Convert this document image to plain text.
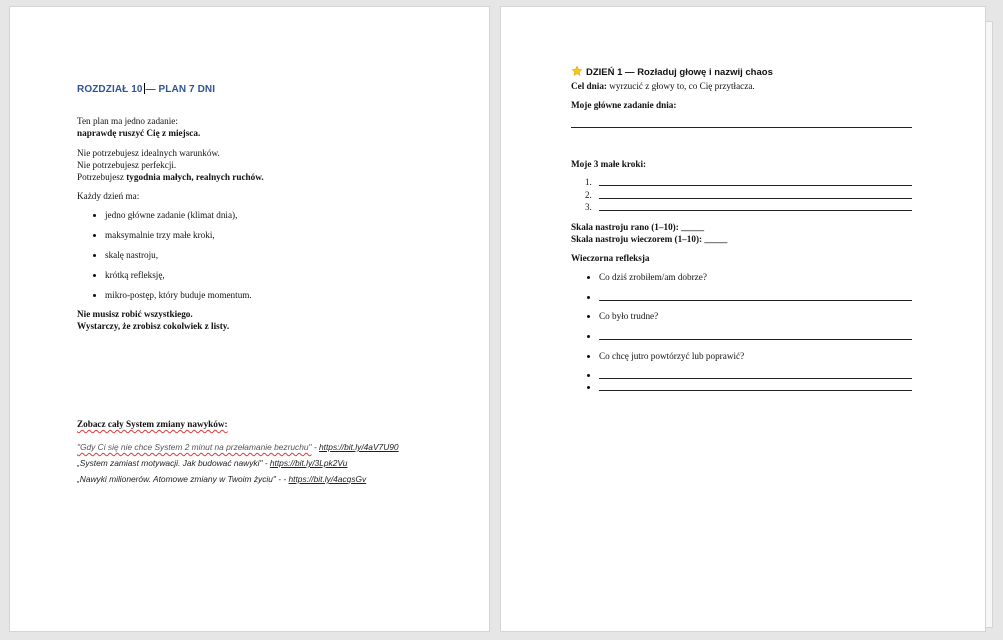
ROZDZIAŁ 10 — PLAN 7 DNI
Ten plan ma jedno zadanie:
naprawdę ruszyć Cię z miejsca.
Nie potrzebujesz idealnych warunków.
Nie potrzebujesz perfekcji.
Potrzebujesz tygodnia małych, realnych ruchów.
Każdy dzień ma:
jedno główne zadanie (klimat dnia),
maksymalnie trzy małe kroki,
skalę nastroju,
krótką refleksję,
mikro-postęp, który buduje momentum.
Nie musisz robić wszystkiego.
Wystarczy, że zrobisz cokolwiek z listy.
Zobacz cały System zmiany nawyków:
"Gdy Ci się nie chce System 2 minut na przełamanie bezruchu" - https://bit.ly/4aV7U90
„System zamiast motywacji. Jak budować nawyki" - https://bit.ly/3Lpk2Vu
„Nawyki milionerów. Atomowe zmiany w Twoim życiu" - - https://bit.ly/4acqsGv
DZIEŃ 1 — Rozładuj głowę i nazwij chaos
Cel dnia: wyrzucić z głowy to, co Cię przytłacza.
Moje główne zadanie dnia:
Moje 3 małe kroki:
1.
2.
3.
Skala nastroju rano (1–10): _____
Skala nastroju wieczorem (1–10): _____
Wieczorna refleksja
Co dziś zrobiłem/am dobrze?
Co było trudne?
Co chcę jutro powtórzyć lub poprawić?
